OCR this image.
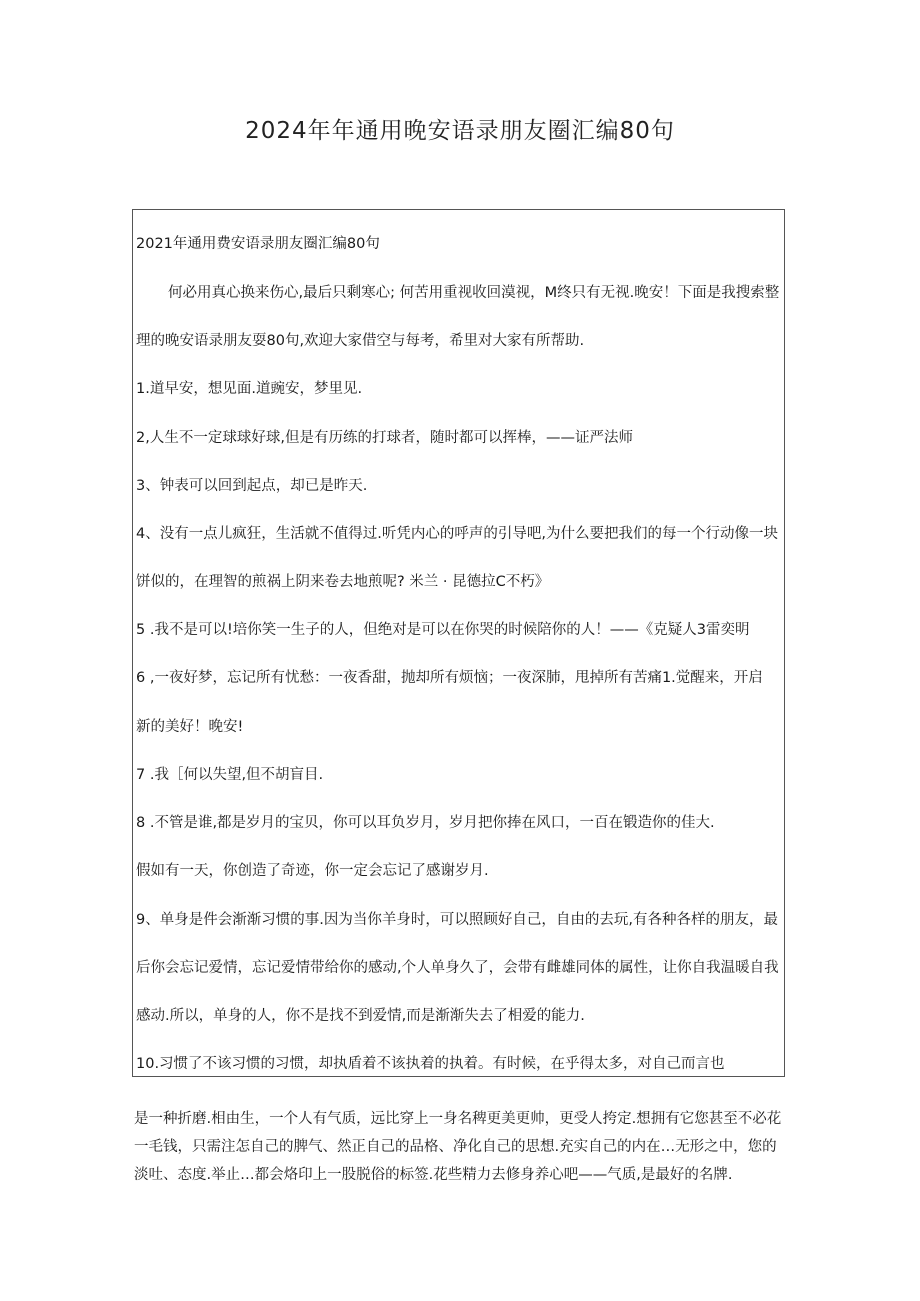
2024年年通用晚安语录朋友圈汇编80句
2021年通用费安语录朋友圈汇编80句
何必用真心换来伤心,最后只剩寒心; 何苦用重视收回漠视，M终只有无视.晚安！下面是我搜索整
理的晚安语录朋友耍80句,欢迎大家借空与每考，希里对大家有所帮助.
1.道早安，想见面.道豌安，梦里见.
2,人生不一定球球好球,但是有历练的打球者，随时都可以挥棒，——证严法师
3、钟表可以回到起点，却已是昨天.
4、没有一点儿疯狂，生活就不值得过.听凭内心的呼声的引导吧,为什么要把我们的每一个行动像一块
饼似的，在理智的煎祸上阴来卷去地煎呢? 米兰 · 昆德拉C不朽》
5 .我不是可以!培你笑一生子的人，但绝对是可以在你哭的时候陪你的人！——《克疑人3雷奕明
6 ,一夜好梦，忘记所有忧愁：一夜香甜，抛却所有烦恼；一夜深肺，甩掉所有苦痛1.觉醒来，开启
新的美好！晚安!
7 .我［何以失望,但不胡盲目.
8 .不管是谁,都是岁月的宝贝，你可以耳负岁月，岁月把你捧在风口，一百在锻造你的佳大.
假如有一天，你创造了奇迹，你一定会忘记了感谢岁月.
9、单身是件会渐渐习惯的事.因为当你羊身时，可以照顾好自己，自由的去玩,有各种各样的朋友，最
后你会忘记爱情，忘记爱情带给你的感动,个人单身久了，会带有雌雄同体的属性，让你自我温暖自我
感动.所以，单身的人，你不是找不到爱情,而是渐渐失去了相爱的能力.
10.习惯了不该习惯的习惯，却执盾着不该执着的执着。有时候，在乎得太多，对自己而言也
是一种折磨.相由生，一个人有气质，远比穿上一身名稗更美更帅，更受人挎定.想拥有它您甚至不必花
一毛钱，只需注怎自己的脾气、然正自己的品格、净化自己的思想.充实自己的内在…无形之中，您的
淡吐、态度.举止…都会烙印上一股脱俗的标签.花些精力去修身养心吧——气质,是最好的名牌.
